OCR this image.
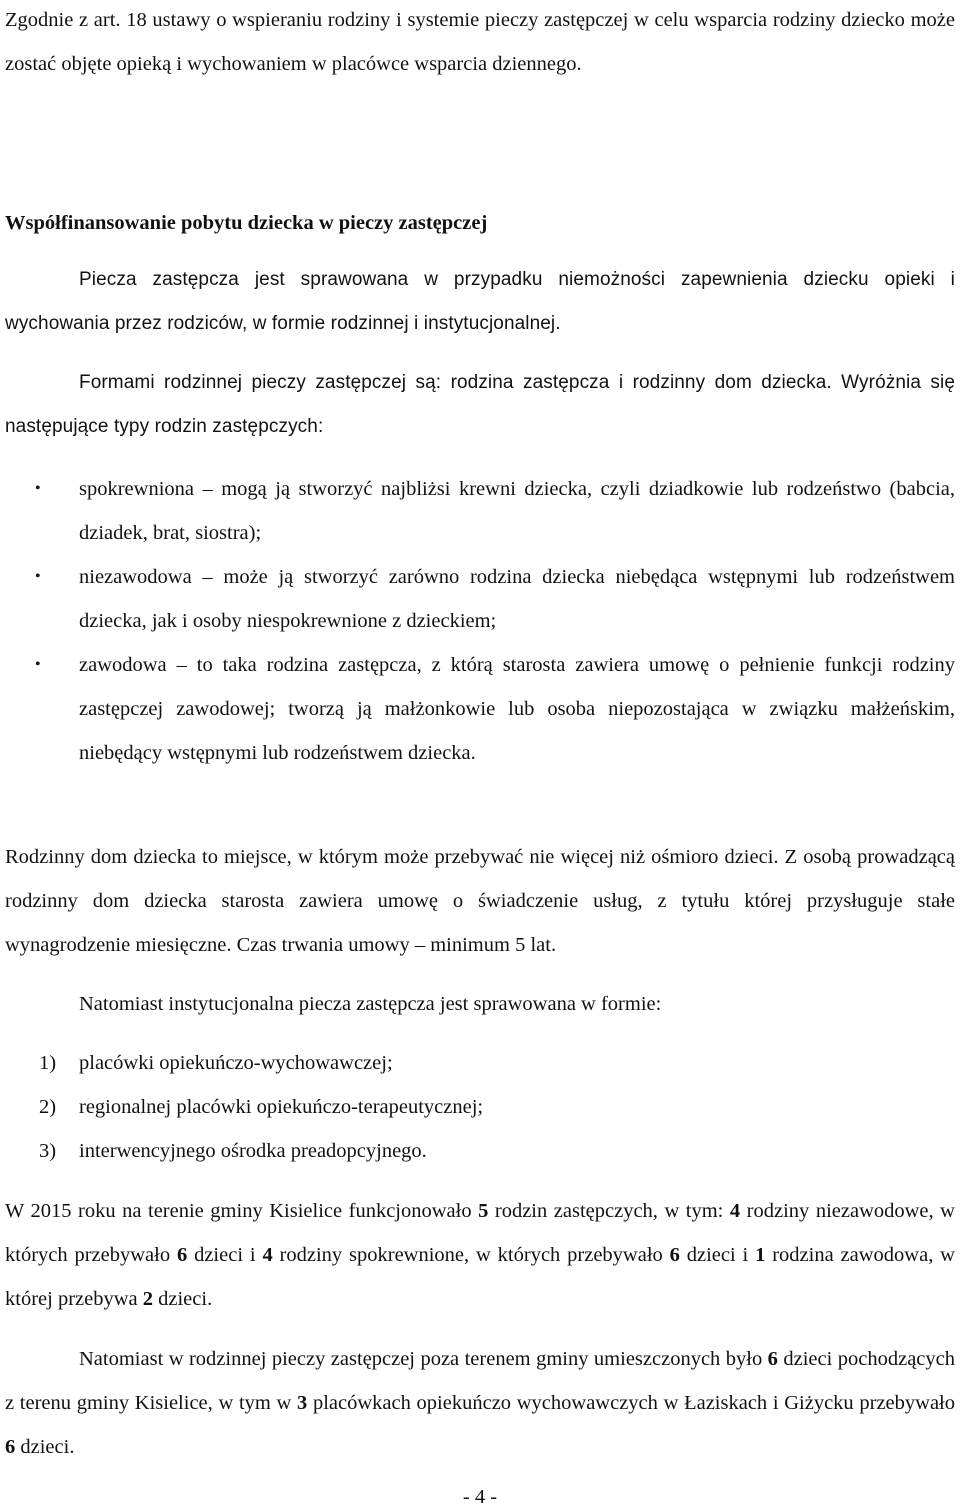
Zgodnie z art. 18 ustawy o wspieraniu rodziny i systemie pieczy zastępczej w celu wsparcia rodziny dziecko może zostać objęte opieką i wychowaniem w placówce wsparcia dziennego.

Współfinansowanie pobytu dziecka w pieczy zastępczej

Piecza zastępcza jest sprawowana w przypadku niemożności zapewnienia dziecku opieki i wychowania przez rodziców, w formie rodzinnej i instytucjonalnej.

Formami rodzinnej pieczy zastępczej są: rodzina zastępcza i rodzinny dom dziecka. Wyróżnia się następujące typy rodzin zastępczych:

• spokrewniona – mogą ją stworzyć najbliżsi krewni dziecka, czyli dziadkowie lub rodzeństwo (babcia, dziadek, brat, siostra);
• niezawodowa – może ją stworzyć zarówno rodzina dziecka niebędąca wstępnymi lub rodzeństwem dziecka, jak i osoby niespokrewnione z dzieckiem;
• zawodowa – to taka rodzina zastępcza, z którą starosta zawiera umowę o pełnienie funkcji rodziny zastępczej zawodowej; tworzą ją małżonkowie lub osoba niepozostająca w związku małżeńskim, niebędący wstępnymi lub rodzeństwem dziecka.

Rodzinny dom dziecka to miejsce, w którym może przebywać nie więcej niż ośmioro dzieci. Z osobą prowadzącą rodzinny dom dziecka starosta zawiera umowę o świadczenie usług, z tytułu której przysługuje stałe wynagrodzenie miesięczne. Czas trwania umowy – minimum 5 lat.

Natomiast instytucjonalna piecza zastępcza jest sprawowana w formie:

1) placówki opiekuńczo-wychowawczej;
2) regionalnej placówki opiekuńczo-terapeutycznej;
3) interwencyjnego ośrodka preadopcyjnego.

W 2015 roku na terenie gminy Kisielice funkcjonowało 5 rodzin zastępczych, w tym: 4 rodziny niezawodowe, w których przebywało 6 dzieci i 4 rodziny spokrewnione, w których przebywało 6 dzieci i 1 rodzina zawodowa, w której przebywa 2 dzieci.

Natomiast w rodzinnej pieczy zastępczej poza terenem gminy umieszczonych było 6 dzieci pochodzących z terenu gminy Kisielice, w tym w 3 placówkach opiekuńczo wychowawczych w Łaziskach i Giżycku przebywało 6 dzieci.

- 4 -
